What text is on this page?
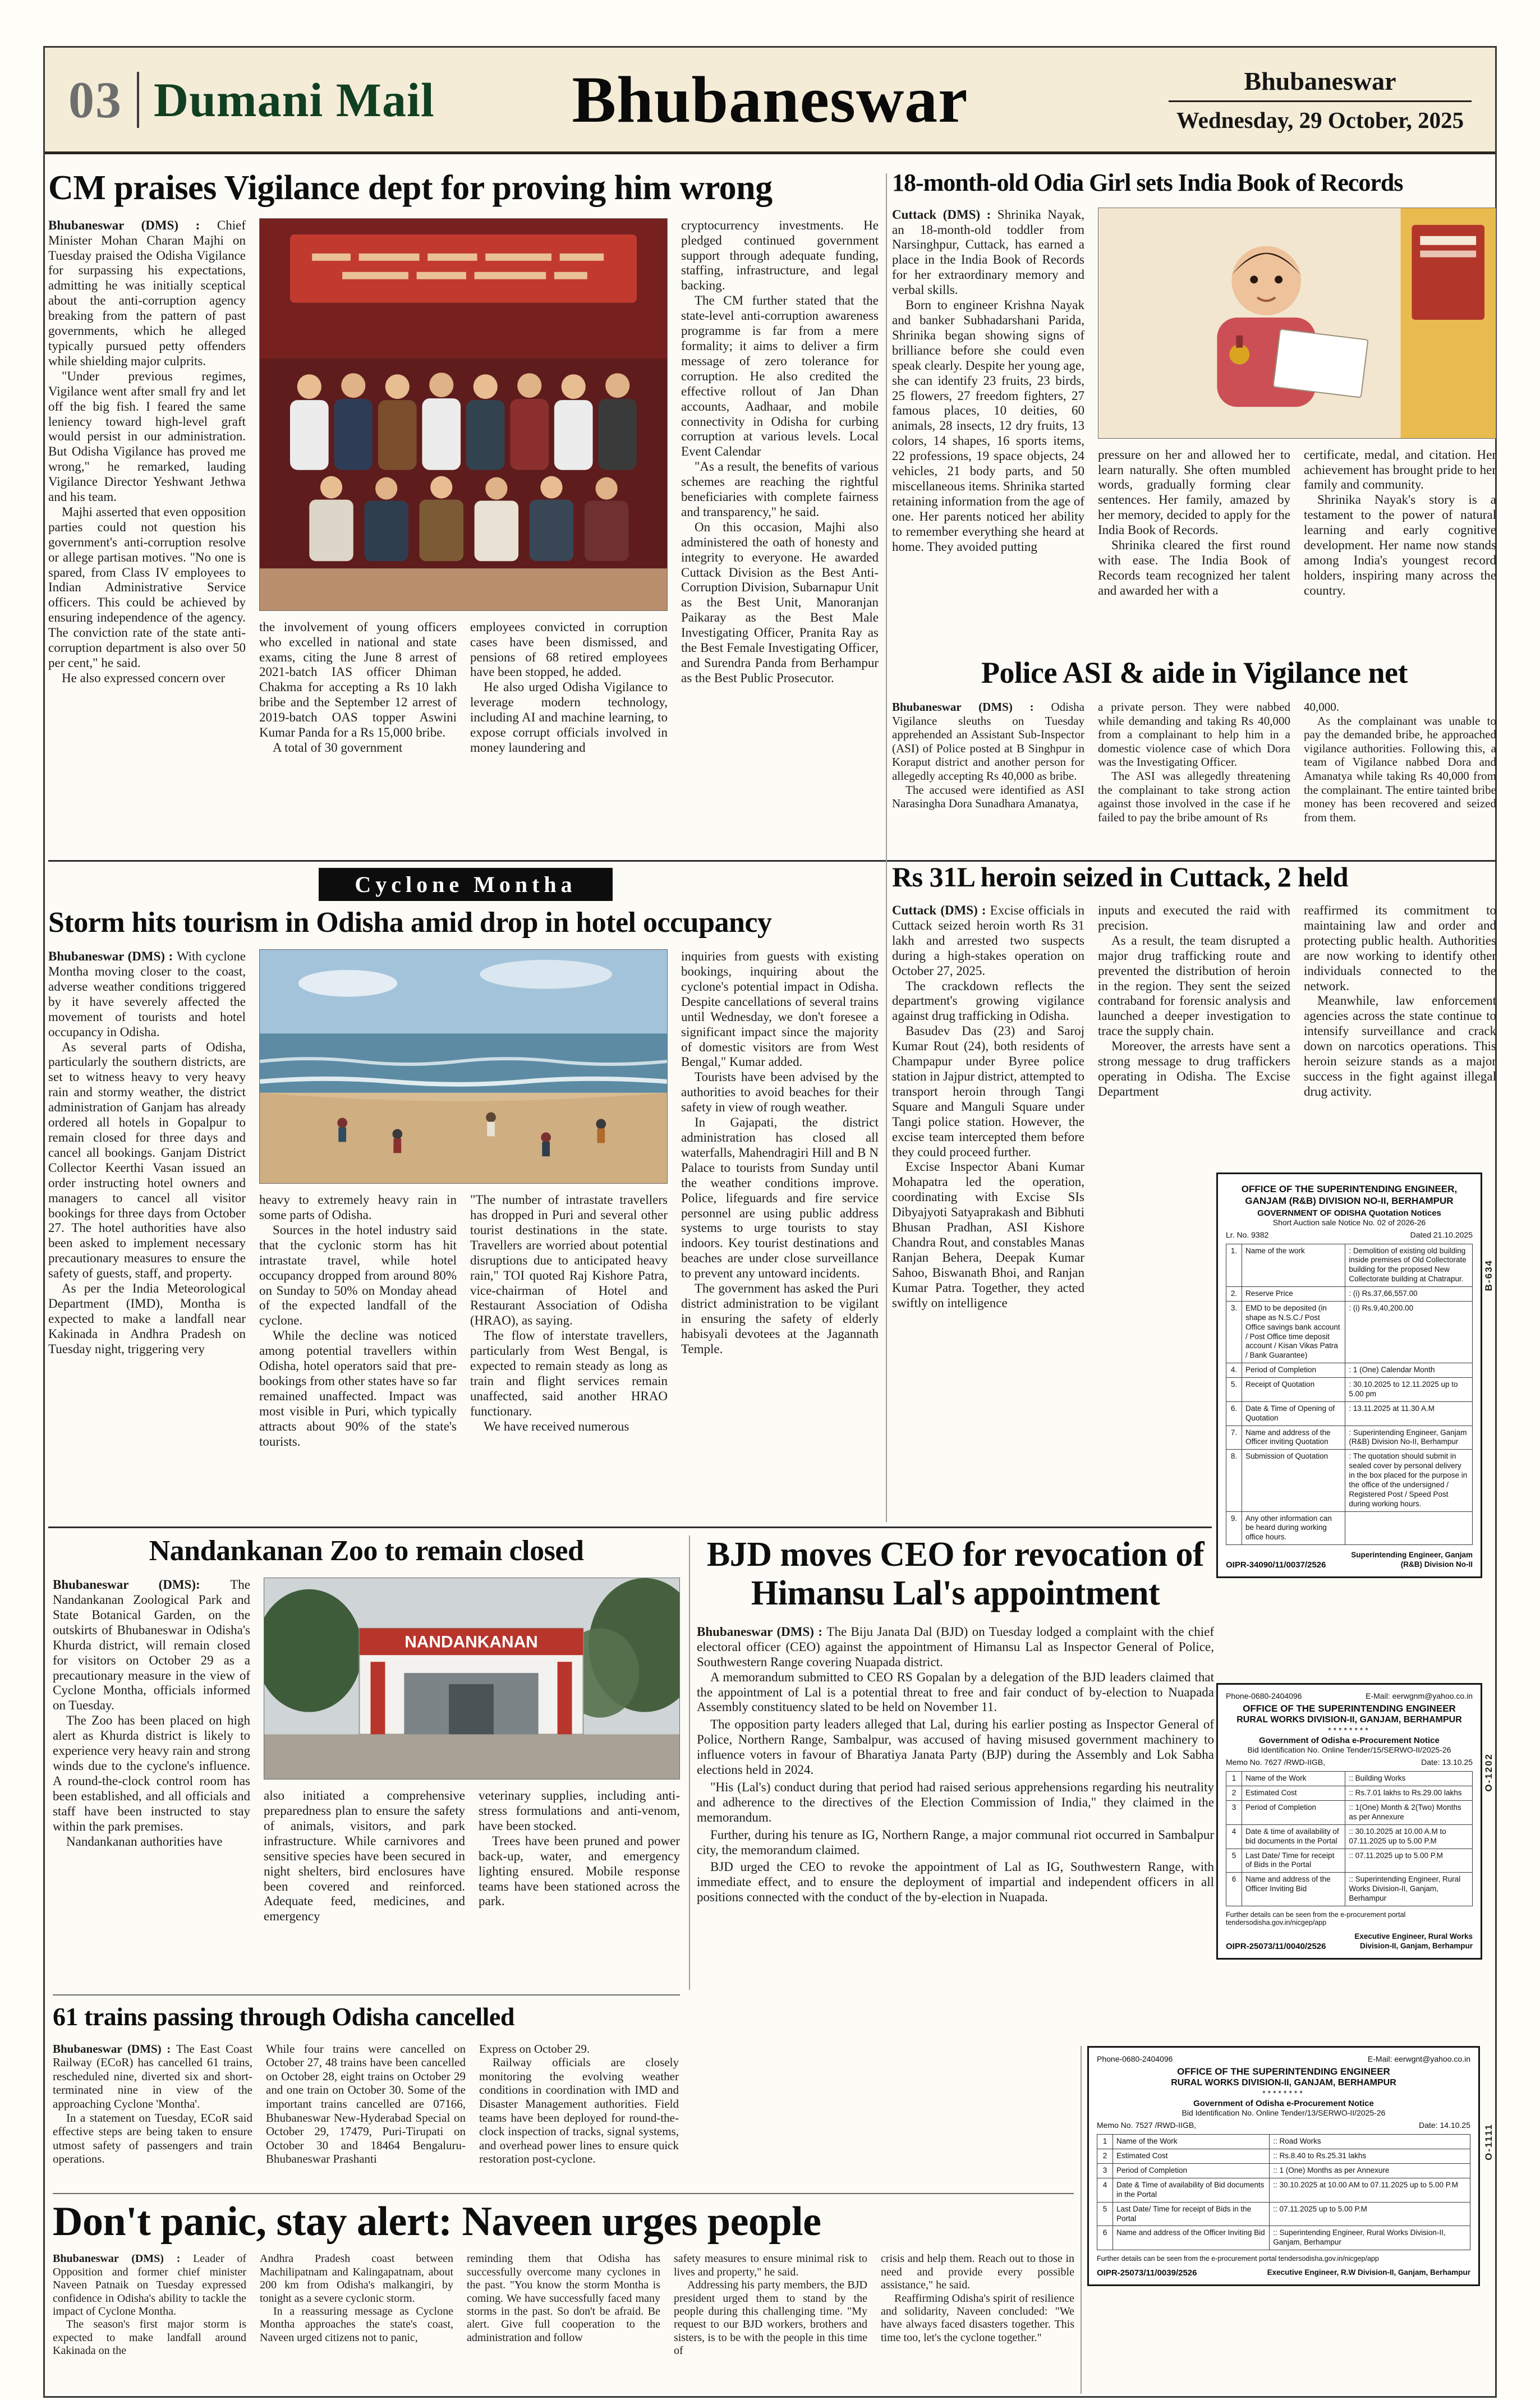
03 Dumani Mail Bhubaneswar	Bhubaneswar
Wednesday, 29 October, 2025
CM praises Vigilance dept for proving him wrong

Bhubaneswar (DMS) : Chief Minister Mohan Charan Majhi on Tuesday praised the Odisha Vigilance for surpassing his expectations, admitting he was initially sceptical about the anti-corruption agency breaking from the pattern of past governments, which he alleged typically pursued petty offenders while shielding major culprits.

"Under previous regimes, Vigilance went after small fry and let off the big fish. I feared the same leniency toward high-level graft would persist in our administration. But Odisha Vigilance has proved me wrong," he remarked, lauding Vigilance Director Yeshwant Jethwa and his team.

Majhi asserted that even opposition parties could not question his government's anti-corruption resolve or allege partisan motives. "No one is spared, from Class IV employees to Indian Administrative Service officers. This could be achieved by ensuring independence of the agency. The conviction rate of the state anti-corruption department is also over 50 per cent," he said.

He also expressed concern over

the involvement of young officers who excelled in national and state exams, citing the June 8 arrest of 2021-batch IAS officer Dhiman Chakma for accepting a Rs 10 lakh bribe and the September 12 arrest of 2019-batch OAS topper Aswini Kumar Panda for a Rs 15,000 bribe.

A total of 30 government

employees convicted in corruption cases have been dismissed, and pensions of 68 retired employees have been stopped, he added.

He also urged Odisha Vigilance to leverage modern technology, including AI and machine learning, to expose corrupt officials involved in money laundering and

cryptocurrency investments. He pledged continued government support through adequate funding, staffing, infrastructure, and legal backing.

The CM further stated that the state-level anti-corruption awareness programme is far from a mere formality; it aims to deliver a firm message of zero tolerance for corruption. He also credited the effective rollout of Jan Dhan accounts, Aadhaar, and mobile connectivity in Odisha for curbing corruption at various levels. Local Event Calendar

"As a result, the benefits of various schemes are reaching the rightful beneficiaries with complete fairness and transparency," he said.

On this occasion, Majhi also administered the oath of honesty and integrity to everyone. He awarded Cuttack Division as the Best Anti-Corruption Division, Subarnapur Unit as the Best Unit, Manoranjan Paikaray as the Best Male Investigating Officer, Pranita Ray as the Best Female Investigating Officer, and Surendra Panda from Berhampur as the Best Public Prosecutor.

18-month-old Odia Girl sets India Book of Records

Cuttack (DMS) : Shrinika Nayak, an 18-month-old toddler from Narsinghpur, Cuttack, has earned a place in the India Book of Records for her extraordinary memory and verbal skills.

Born to engineer Krishna Nayak and banker Subhadarshani Parida, Shrinika began showing signs of brilliance before she could even speak clearly. Despite her young age, she can identify 23 fruits, 23 birds, 25 flowers, 27 freedom fighters, 27 famous places, 10 deities, 60 animals, 28 insects, 12 dry fruits, 13 colors, 14 shapes, 16 sports items, 22 professions, 19 space objects, 24 vehicles, 21 body parts, and 50 miscellaneous items. Shrinika started retaining information from the age of one. Her parents noticed her ability to remember everything she heard at home. They avoided putting

pressure on her and allowed her to learn naturally. She often mumbled words, gradually forming clear sentences. Her family, amazed by her memory, decided to apply for the India Book of Records.

Shrinika cleared the first round with ease. The India Book of Records team recognized her talent and awarded her with a

certificate, medal, and citation. Her achievement has brought pride to her family and community.

Shrinika Nayak's story is a testament to the power of natural learning and early cognitive development. Her name now stands among India's youngest record holders, inspiring many across the country.

Police ASI & aide in Vigilance net

Bhubaneswar (DMS) : Odisha Vigilance sleuths on Tuesday apprehended an Assistant Sub-Inspector (ASI) of Police posted at B Singhpur in Koraput district and another person for allegedly accepting Rs 40,000 as bribe.

The accused were identified as ASI Narasingha Dora Sunadhara Amanatya,

a private person. They were nabbed while demanding and taking Rs 40,000 from a complainant to help him in a domestic violence case of which Dora was the Investigating Officer.

The ASI was allegedly threatening the complainant to take strong action against those involved in the case if he failed to pay the bribe amount of Rs

40,000.

As the complainant was unable to pay the demanded bribe, he approached vigilance authorities. Following this, a team of Vigilance nabbed Dora and Amanatya while taking Rs 40,000 from the complainant. The entire tainted bribe money has been recovered and seized from them.

Cyclone Montha
Storm hits tourism in Odisha amid drop in hotel occupancy

Bhubaneswar (DMS) : With cyclone Montha moving closer to the coast, adverse weather conditions triggered by it have severely affected the movement of tourists and hotel occupancy in Odisha.

As several parts of Odisha, particularly the southern districts, are set to witness heavy to very heavy rain and stormy weather, the district administration of Ganjam has already ordered all hotels in Gopalpur to remain closed for three days and cancel all bookings. Ganjam District Collector Keerthi Vasan issued an order instructing hotel owners and managers to cancel all visitor bookings for three days from October 27. The hotel authorities have also been asked to implement necessary precautionary measures to ensure the safety of guests, staff, and property.

As per the India Meteorological Department (IMD), Montha is expected to make a landfall near Kakinada in Andhra Pradesh on Tuesday night, triggering very

heavy to extremely heavy rain in some parts of Odisha.

Sources in the hotel industry said that the cyclonic storm has hit intrastate travel, while hotel occupancy dropped from around 80% on Sunday to 50% on Monday ahead of the expected landfall of the cyclone.

While the decline was noticed among potential travellers within Odisha, hotel operators said that pre-bookings from other states have so far remained unaffected. Impact was most visible in Puri, which typically attracts about 90% of the state's tourists.

"The number of intrastate travellers has dropped in Puri and several other tourist destinations in the state. Travellers are worried about potential disruptions due to anticipated heavy rain," TOI quoted Raj Kishore Patra, vice-chairman of Hotel and Restaurant Association of Odisha (HRAO), as saying.

The flow of interstate travellers, particularly from West Bengal, is expected to remain steady as long as train and flight services remain unaffected, said another HRAO functionary.

We have received numerous

inquiries from guests with existing bookings, inquiring about the cyclone's potential impact in Odisha. Despite cancellations of several trains until Wednesday, we don't foresee a significant impact since the majority of domestic visitors are from West Bengal," Kumar added.

Tourists have been advised by the authorities to avoid beaches for their safety in view of rough weather.

In Gajapati, the district administration has closed all waterfalls, Mahendragiri Hill and B N Palace to tourists from Sunday until the weather conditions improve. Police, lifeguards and fire service personnel are using public address systems to urge tourists to stay indoors. Key tourist destinations and beaches are under close surveillance to prevent any untoward incidents.

The government has asked the Puri district administration to be vigilant in ensuring the safety of elderly habisyali devotees at the Jagannath Temple.

Rs 31L heroin seized in Cuttack, 2 held

Cuttack (DMS) : Excise officials in Cuttack seized heroin worth Rs 31 lakh and arrested two suspects during a high-stakes operation on October 27, 2025.

The crackdown reflects the department's growing vigilance against drug trafficking in Odisha.

Basudev Das (23) and Saroj Kumar Rout (24), both residents of Champapur under Byree police station in Jajpur district, attempted to transport heroin through Tangi Square and Manguli Square under Tangi police station. However, the excise team intercepted them before they could proceed further.

Excise Inspector Abani Kumar Mohapatra led the operation, coordinating with Excise SIs Dibyajyoti Satyaprakash and Bibhuti Bhusan Pradhan, ASI Kishore Chandra Rout, and constables Manas Ranjan Behera, Deepak Kumar Sahoo, Biswanath Bhoi, and Ranjan Kumar Patra. Together, they acted swiftly on intelligence

inputs and executed the raid with precision.

As a result, the team disrupted a major drug trafficking route and prevented the distribution of heroin in the region. They sent the seized contraband for forensic analysis and launched a deeper investigation to trace the supply chain.

Moreover, the arrests have sent a strong message to drug traffickers operating in Odisha. The Excise Department

reaffirmed its commitment to maintaining law and order and protecting public health. Authorities are now working to identify other individuals connected to the network.

Meanwhile, law enforcement agencies across the state continue to intensify surveillance and crack down on narcotics operations. This heroin seizure stands as a major success in the fight against illegal drug activity.

Nandankanan Zoo to remain closed

Bhubaneswar (DMS): The Nandankanan Zoological Park and State Botanical Garden, on the outskirts of Bhubaneswar in Odisha's Khurda district, will remain closed for visitors on October 29 as a precautionary measure in the view of Cyclone Montha, officials informed on Tuesday.

The Zoo has been placed on high alert as Khurda district is likely to experience very heavy rain and strong winds due to the cyclone's influence. A round-the-clock control room has been established, and all officials and staff have been instructed to stay within the park premises.

Nandankanan authorities have

NANDANKANAN

also initiated a comprehensive preparedness plan to ensure the safety of animals, visitors, and park infrastructure. While carnivores and sensitive species have been secured in night shelters, bird enclosures have been covered and reinforced. Adequate feed, medicines, and emergency

veterinary supplies, including anti-stress formulations and anti-venom, have been stocked.

Trees have been pruned and power back-up, water, and emergency lighting ensured. Mobile response teams have been stationed across the park.

BJD moves CEO for revocation of Himansu Lal's appointment

Bhubaneswar (DMS) : The Biju Janata Dal (BJD) on Tuesday lodged a complaint with the chief electoral officer (CEO) against the appointment of Himansu Lal as Inspector General of Police, Southwestern Range covering Nuapada district.

A memorandum submitted to CEO RS Gopalan by a delegation of the BJD leaders claimed that the appointment of Lal is a potential threat to free and fair conduct of by-election to Nuapada Assembly constituency slated to be held on November 11.

The opposition party leaders alleged that Lal, during his earlier posting as Inspector General of Police, Northern Range, Sambalpur, was accused of having misused government machinery to influence voters in favour of Bharatiya Janata Party (BJP) during the Assembly and Lok Sabha elections held in 2024.

"His (Lal's) conduct during that period had raised serious apprehensions regarding his neutrality and adherence to the directives of the Election Commission of India," they claimed in the memorandum.

Further, during his tenure as IG, Northern Range, a major communal riot occurred in Sambalpur city, the memorandum claimed.

BJD urged the CEO to revoke the appointment of Lal as IG, Southwestern Range, with immediate effect, and to ensure the deployment of impartial and independent officers in all positions connected with the conduct of the by-election in Nuapada.

61 trains passing through Odisha cancelled

Bhubaneswar (DMS) : The East Coast Railway (ECoR) has cancelled 61 trains, rescheduled nine, diverted six and short-terminated nine in view of the approaching Cyclone 'Montha'.

In a statement on Tuesday, ECoR said effective steps are being taken to ensure utmost safety of passengers and train operations.

While four trains were cancelled on October 27, 48 trains have been cancelled on October 28, eight trains on October 29 and one train on October 30. Some of the important trains cancelled are 07166, Bhubaneswar New-Hyderabad Special on October 29, 17479, Puri-Tirupati on October 30 and 18464 Bengaluru-Bhubaneswar Prashanti

Express on October 29.

Railway officials are closely monitoring the evolving weather conditions in coordination with IMD and Disaster Management authorities. Field teams have been deployed for round-the-clock inspection of tracks, signal systems, and overhead power lines to ensure quick restoration post-cyclone.

Don't panic, stay alert: Naveen urges people

Bhubaneswar (DMS) : Leader of Opposition and former chief minister Naveen Patnaik on Tuesday expressed confidence in Odisha's ability to tackle the impact of Cyclone Montha.

The season's first major storm is expected to make landfall around Kakinada on the

Andhra Pradesh coast between Machilipatnam and Kalingapatnam, about 200 km from Odisha's malkangiri, by tonight as a severe cyclonic storm.

In a reassuring message as Cyclone Montha approaches the state's coast, Naveen urged citizens not to panic,

reminding them that Odisha has successfully overcome many cyclones in the past. "You know the storm Montha is coming. We have successfully faced many storms in the past. So don't be afraid. Be alert. Give full cooperation to the administration and follow

safety measures to ensure minimal risk to lives and property," he said.

Addressing his party members, the BJD president urged them to stand by the people during this challenging time. "My request to our BJD workers, brothers and sisters, is to be with the people in this time of

crisis and help them. Reach out to those in need and provide every possible assistance," he said.

Reaffirming Odisha's spirit of resilience and solidarity, Naveen concluded: "We have always faced disasters together. This time too, let's the cyclone together."

OFFICE OF THE SUPERINTENDING ENGINEER, GANJAM (R&B) DIVISION NO-II, BERHAMPUR
GOVERNMENT OF ODISHA Quotation Notices
Short Auction sale Notice No. 02 of 2026-26
Lr. No. 9382	Dated 21.10.2025
1.	Name of the work	: Demolition of existing old building inside premises of Old Collectorate building for the proposed New Collectorate building at Chatrapur.
2.	Reserve Price	: (i) Rs.37,66,557.00
3.	EMD to be deposited (in shape as N.S.C./ Post Office savings bank account / Post Office time deposit account / Kisan Vikas Patra / Bank Guarantee)	: (i) Rs.9,40,200.00
4.	Period of Completion	: 1 (One) Calendar Month
5.	Receipt of Quotation	: 30.10.2025 to 12.11.2025 up to 5.00 pm
6.	Date & Time of Opening of Quotation	: 13.11.2025 at 11.30 A.M
7.	Name and address of the Officer inviting Quotation	: Superintending Engineer, Ganjam (R&B) Division No-II, Berhampur
8.	Submission of Quotation	: The quotation should submit in sealed cover by personal delivery in the box placed for the purpose in the office of the undersigned / Registered Post / Speed Post during working hours.
9.	Any other information can be heard during working office hours.	
OIPR-34090/11/0037/2526
Superintending Engineer, Ganjam (R&B) Division No-II
B-634
Phone-0680-2404096	E-Mail: eerwgnm@yahoo.co.in
OFFICE OF THE SUPERINTENDING ENGINEER
RURAL WORKS DIVISION-II, GANJAM, BERHAMPUR
********
Government of Odisha e-Procurement Notice
Bid Identification No. Online Tender/15/SERWO-II/2025-26
Memo No. 7627 /RWD-IIGB,	Date: 13.10.25
1	Name of the Work	:: Building Works
2	Estimated Cost	:: Rs.7.01 lakhs to Rs.29.00 lakhs
3	Period of Completion	:: 1(One) Month & 2(Two) Months as per Annexure
4	Date & time of availability of bid documents in the Portal	:: 30.10.2025 at 10.00 A.M to 07.11.2025 up to 5.00 P.M
5	Last Date/ Time for receipt of Bids in the Portal	:: 07.11.2025 up to 5.00 P.M
6	Name and address of the Officer Inviting Bid	:: Superintending Engineer, Rural Works Division-II, Ganjam, Berhampur
Further details can be seen from the e-procurement portal tendersodisha.gov.in/nicgep/app
OIPR-25073/11/0040/2526
Executive Engineer, Rural Works Division-II, Ganjam, Berhampur
O-1202
Phone-0680-2404096	E-Mail: eerwgnt@yahoo.co.in
OFFICE OF THE SUPERINTENDING ENGINEER
RURAL WORKS DIVISION-II, GANJAM, BERHAMPUR
********
Government of Odisha e-Procurement Notice
Bid Identification No. Online Tender/13/SERWO-II/2025-26
Memo No. 7527 /RWD-IIGB,	Date: 14.10.25
1	Name of the Work	:: Road Works
2	Estimated Cost	:: Rs.8.40 to Rs.25.31 lakhs
3	Period of Completion	:: 1 (One) Months as per Annexure
4	Date & Time of availability of Bid documents in the Portal	:: 30.10.2025 at 10.00 AM to 07.11.2025 up to 5.00 P.M
5	Last Date/ Time for receipt of Bids in the Portal	:: 07.11.2025 up to 5.00 P.M
6	Name and address of the Officer Inviting Bid	:: Superintending Engineer, Rural Works Division-II, Ganjam, Berhampur
Further details can be seen from the e-procurement portal tendersodisha.gov.in/nicgep/app
OIPR-25073/11/0039/2526	Executive Engineer, R.W Division-II, Ganjam, Berhampur
O-1111
